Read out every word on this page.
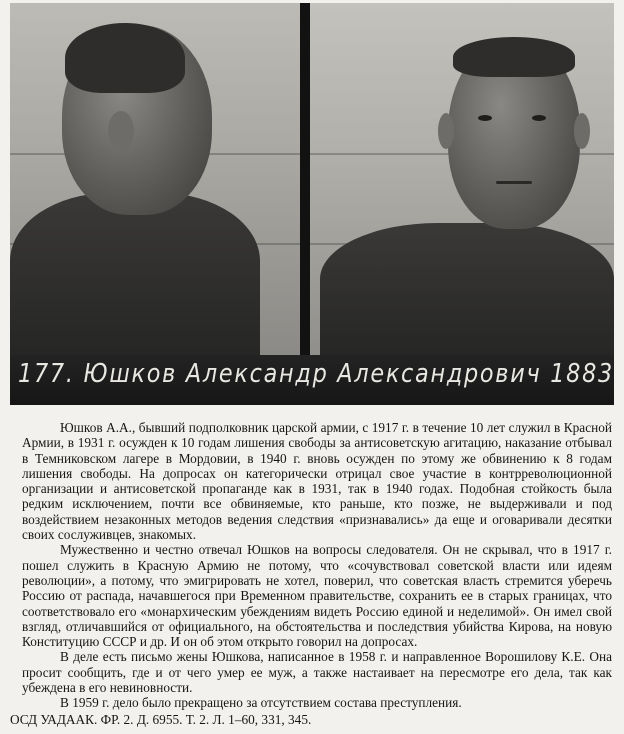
177. Юшков Александр Александрович 1883

Юшков А.А., бывший подполковник царской армии, с 1917 г. в течение 10 лет служил в Красной Армии, в 1931 г. осужден к 10 годам лишения свободы за антисоветскую агитацию, наказание отбывал в Темниковском лагере в Мордовии, в 1940 г. вновь осужден по этому же обвинению к 8 годам лишения свободы. На допросах он категорически отрицал свое участие в контрреволюционной организации и антисоветской пропаганде как в 1931, так в 1940 годах. Подобная стойкость была редким исключением, почти все обвиняемые, кто раньше, кто позже, не выдерживали и под воздействием незаконных методов ведения следствия «признавались» да еще и оговаривали десятки своих сослуживцев, знакомых.

Мужественно и честно отвечал Юшков на вопросы следователя. Он не скрывал, что в 1917 г. пошел служить в Красную Армию не потому, что «сочувствовал советской власти или идеям революции», а потому, что эмигрировать не хотел, поверил, что советская власть стремится уберечь Россию от распада, начавшегося при Временном правительстве, сохранить ее в старых границах, что соответствовало его «монархическим убеждениям видеть Россию единой и неделимой». Он имел свой взгляд, отличавшийся от официального, на обстоятельства и последствия убийства Кирова, на новую Конституцию СССР и др. И он об этом открыто говорил на допросах.

В деле есть письмо жены Юшкова, написанное в 1958 г. и направленное Ворошилову К.Е. Она просит сообщить, где и от чего умер ее муж, а также настаивает на пересмотре его дела, так как убеждена в его невиновности.

В 1959 г. дело было прекращено за отсутствием состава преступления.

ОСД УАДААК. ФР. 2. Д. 6955. Т. 2. Л. 1–60, 331, 345.
